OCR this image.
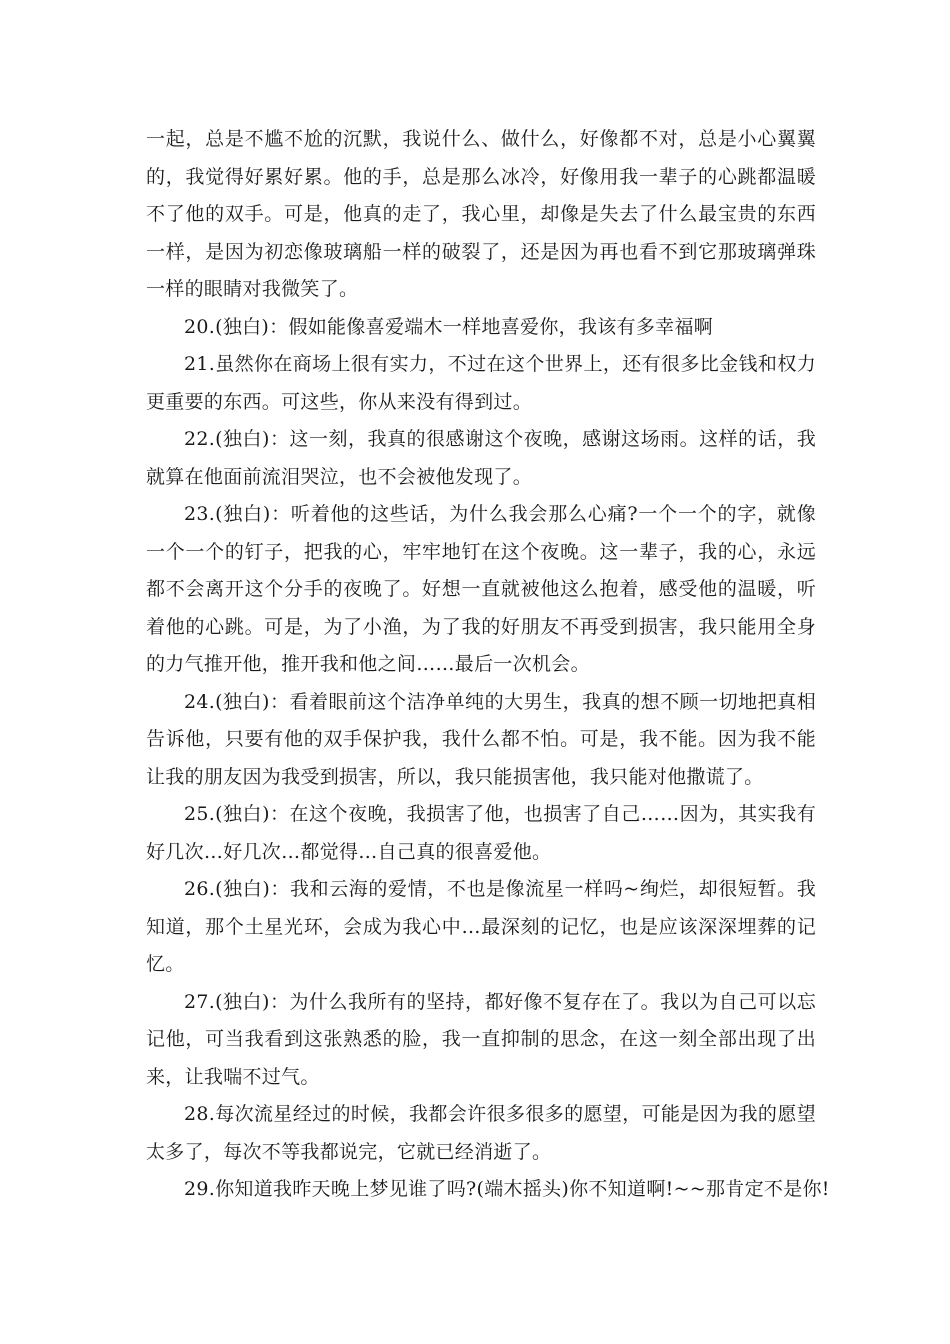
一起，总是不尴不尬的沉默，我说什么、做什么，好像都不对，总是小心翼翼的，我觉得好累好累。他的手，总是那么冰冷，好像用我一辈子的心跳都温暖不了他的双手。可是，他真的走了，我心里，却像是失去了什么最宝贵的东西一样，是因为初恋像玻璃船一样的破裂了，还是因为再也看不到它那玻璃弹珠一样的眼睛对我微笑了。

20.(独白)：假如能像喜爱端木一样地喜爱你，我该有多幸福啊

21.虽然你在商场上很有实力，不过在这个世界上，还有很多比金钱和权力更重要的东西。可这些，你从来没有得到过。

22.(独白)：这一刻，我真的很感谢这个夜晚，感谢这场雨。这样的话，我就算在他面前流泪哭泣，也不会被他发现了。

23.(独白)：听着他的这些话，为什么我会那么心痛?一个一个的字，就像一个一个的钉子，把我的心，牢牢地钉在这个夜晚。这一辈子，我的心，永远都不会离开这个分手的夜晚了。好想一直就被他这么抱着，感受他的温暖，听着他的心跳。可是，为了小渔，为了我的好朋友不再受到损害，我只能用全身的力气推开他，推开我和他之间……最后一次机会。

24.(独白)：看着眼前这个洁净单纯的大男生，我真的想不顾一切地把真相告诉他，只要有他的双手保护我，我什么都不怕。可是，我不能。因为我不能让我的朋友因为我受到损害，所以，我只能损害他，我只能对他撒谎了。

25.(独白)：在这个夜晚，我损害了他，也损害了自己……因为，其实我有好几次…好几次…都觉得…自己真的很喜爱他。

26.(独白)：我和云海的爱情，不也是像流星一样吗~绚烂，却很短暂。我知道，那个土星光环，会成为我心中…最深刻的记忆，也是应该深深埋葬的记忆。

27.(独白)：为什么我所有的坚持，都好像不复存在了。我以为自己可以忘记他，可当我看到这张熟悉的脸，我一直抑制的思念，在这一刻全部出现了出来，让我喘不过气。

28.每次流星经过的时候，我都会许很多很多的愿望，可能是因为我的愿望太多了，每次不等我都说完，它就已经消逝了。

29.你知道我昨天晚上梦见谁了吗?(端木摇头)你不知道啊!~~那肯定不是你!
